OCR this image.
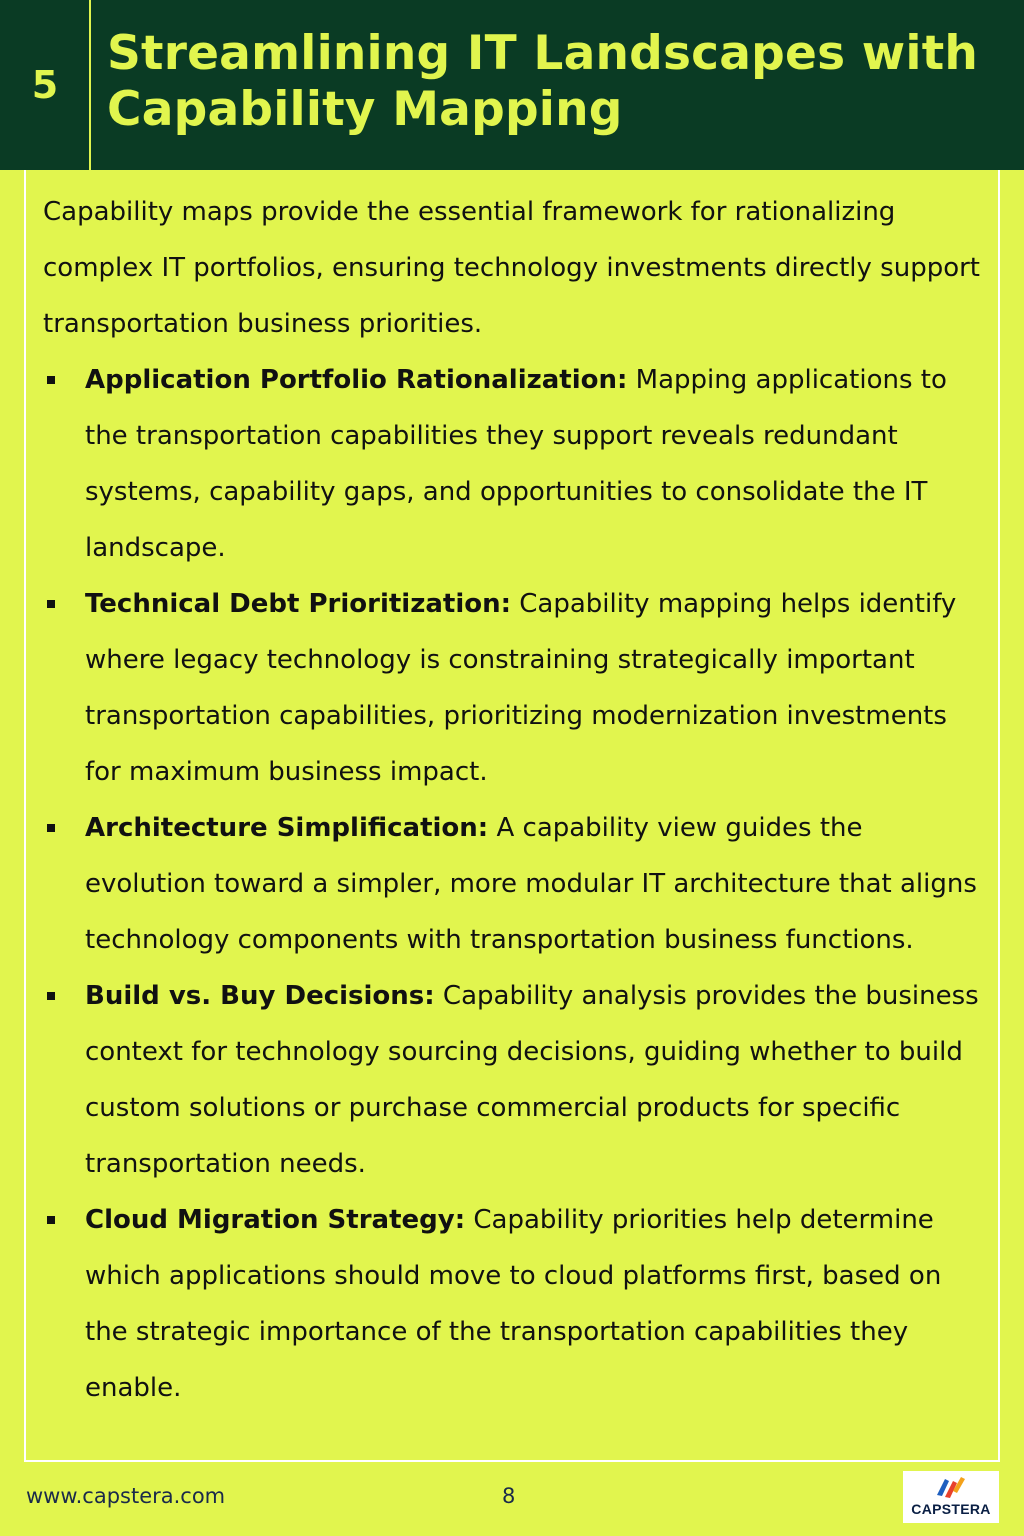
5
Streamlining IT Landscapes with Capability Mapping

Capability maps provide the essential framework for rationalizing complex IT portfolios, ensuring technology investments directly support transportation business priorities.

Application Portfolio Rationalization: Mapping applications to the transportation capabilities they support reveals redundant systems, capability gaps, and opportunities to consolidate the IT landscape.
Technical Debt Prioritization: Capability mapping helps identify where legacy technology is constraining strategically important transportation capabilities, prioritizing modernization investments for maximum business impact.
Architecture Simplification: A capability view guides the evolution toward a simpler, more modular IT architecture that aligns technology components with transportation business functions.
Build vs. Buy Decisions: Capability analysis provides the business context for technology sourcing decisions, guiding whether to build custom solutions or purchase commercial products for specific transportation needs.
Cloud Migration Strategy: Capability priorities help determine which applications should move to cloud platforms first, based on the strategic importance of the transportation capabilities they enable.
www.capstera.com	8
CAPSTERA
